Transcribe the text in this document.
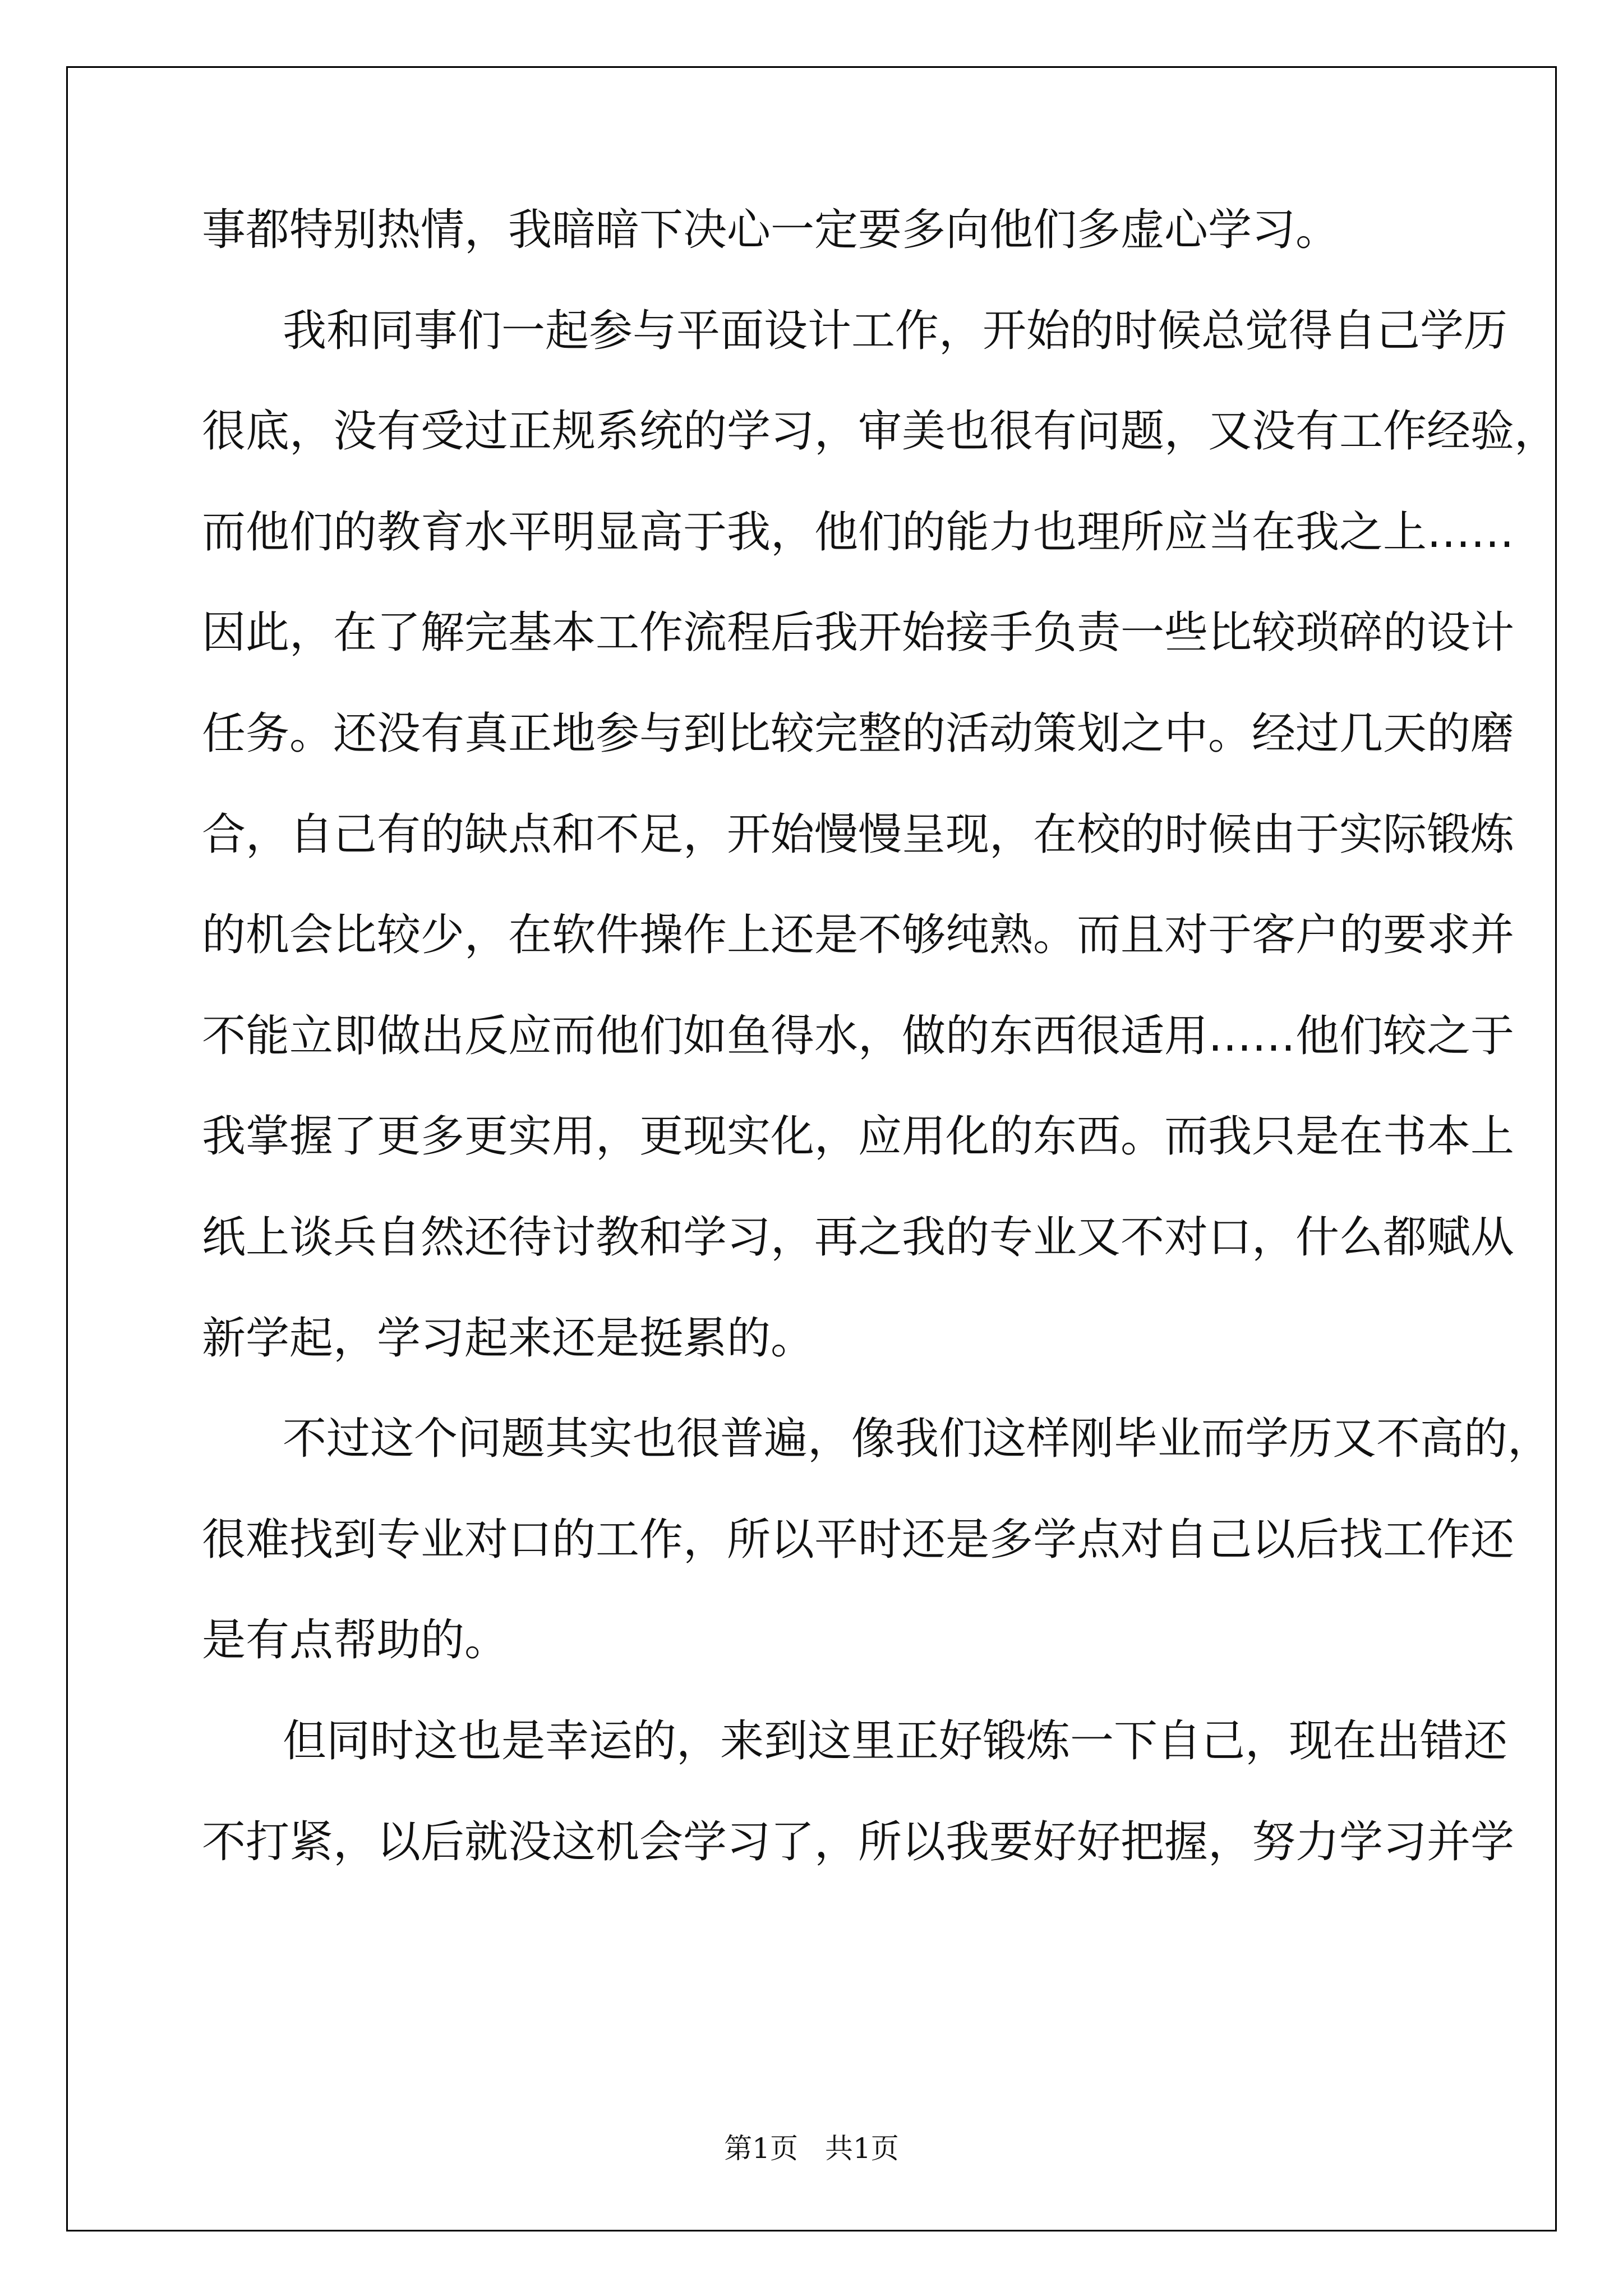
事都特别热情，我暗暗下决心一定要多向他们多虚心学习。
我和同事们一起参与平面设计工作，开始的时候总觉得自己学历
很底，没有受过正规系统的学习，审美也很有问题，又没有工作经验，
而他们的教育水平明显高于我，他们的能力也理所应当在我之上……
因此，在了解完基本工作流程后我开始接手负责一些比较琐碎的设计
任务。还没有真正地参与到比较完整的活动策划之中。经过几天的磨
合，自己有的缺点和不足，开始慢慢呈现，在校的时候由于实际锻炼
的机会比较少，在软件操作上还是不够纯熟。而且对于客户的要求并
不能立即做出反应而他们如鱼得水，做的东西很适用……他们较之于
我掌握了更多更实用，更现实化，应用化的东西。而我只是在书本上
纸上谈兵自然还待讨教和学习，再之我的专业又不对口，什么都赋从
新学起，学习起来还是挺累的。
不过这个问题其实也很普遍，像我们这样刚毕业而学历又不高的，
很难找到专业对口的工作，所以平时还是多学点对自己以后找工作还
是有点帮助的。
但同时这也是幸运的，来到这里正好锻炼一下自己，现在出错还
不打紧，以后就没这机会学习了，所以我要好好把握，努力学习并学
第1页 共1页
